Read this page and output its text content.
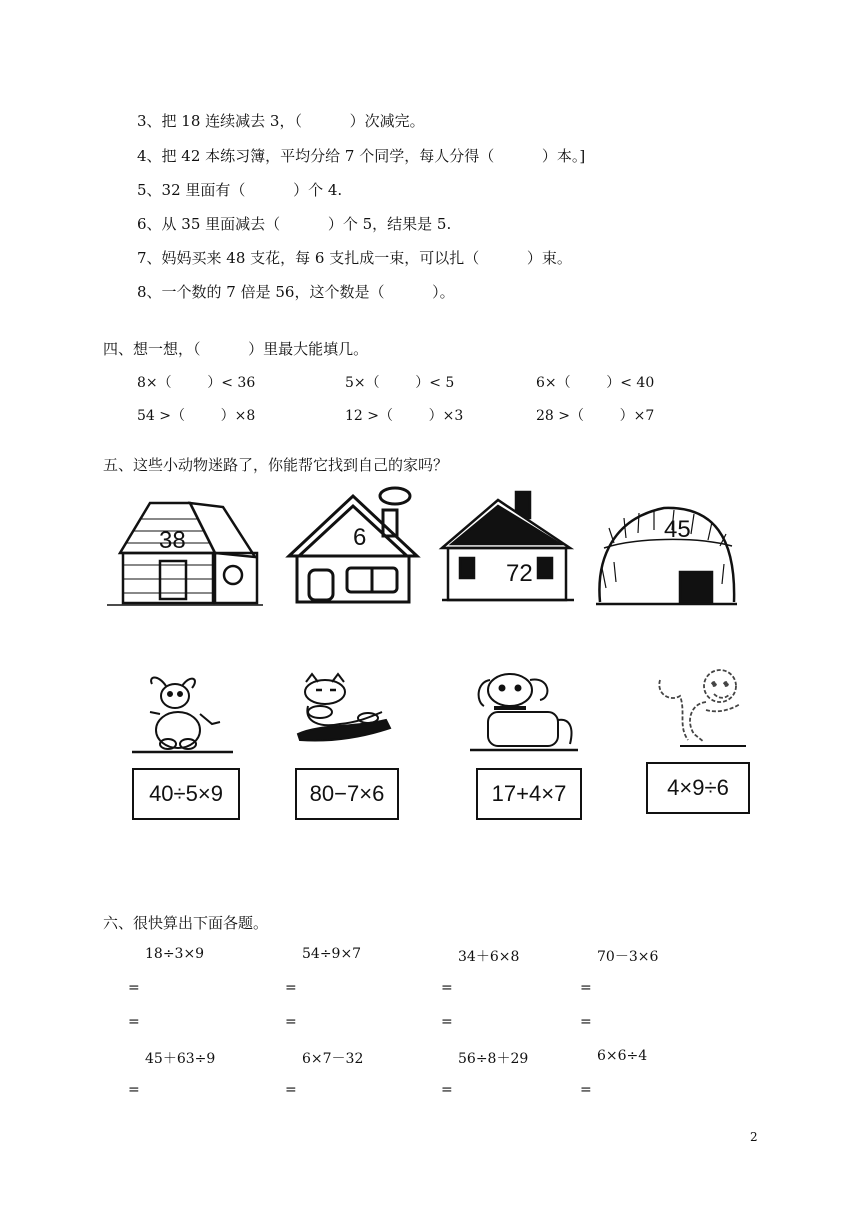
3、把 18 连续减去 3，（          ）次减完。
4、把 42 本练习簿，平均分给 7 个同学，每人分得（          ）本。]
5、32 里面有（          ）个 4.
6、从 35 里面减去（          ）个 5，结果是 5.
7、妈妈买来 48 支花，每 6 支扎成一束，可以扎（          ）束。
8、一个数的 7 倍是 56，这个数是（          ）。
四、想一想，（          ）里最大能填几。
8×（        ）< 36	5×（        ）< 5	6×（        ）< 40
54 >（        ）×8	12 >（        ）×3	28 >（        ）×7
五、这些小动物迷路了，你能帮它找到自己的家吗？
38	6
72
45
40÷5×9	80−7×6	17+4×7	4×9÷6
六、很快算出下面各题。
18÷3×9	54÷9×7	34＋6×8	70－3×6
=	=	=	=
=	=	=	=
45＋63÷9	6×7－32	56÷8＋29	6×6÷4
=	=	=	=
2
